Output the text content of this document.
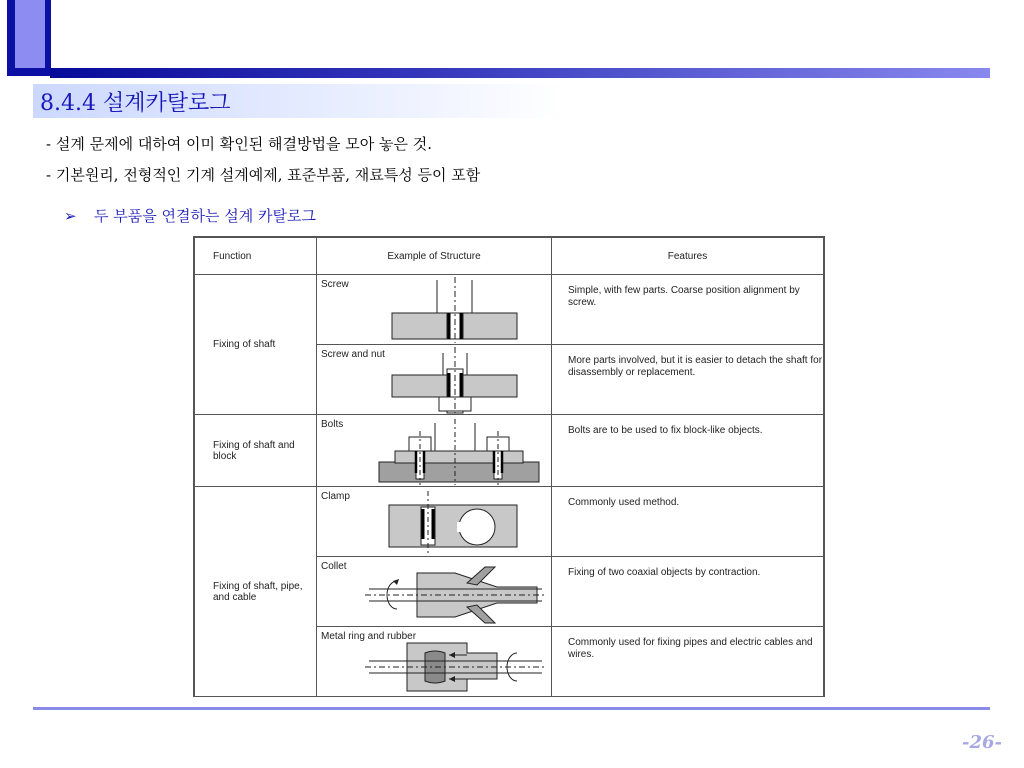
8.4.4 설계카탈로그
- 설계 문제에 대하여 이미 확인된 해결방법을 모아 놓은 것.
- 기본원리, 전형적인 기계 설계예제, 표준부품, 재료특성 등이 포함
➢ 두 부품을 연결하는 설계 카탈로그
Function	Example of Structure	Features
Fixing of shaft	Screw	Simple, with few parts. Coarse position alignment by screw.

	Screw and nut	More parts involved, but it is easier to detach the shaft for disassembly or replacement.
Fixing of shaft and block	Bolts	Bolts are to be used to fix block-like objects.
Fixing of shaft, pipe, and cable	Clamp	Commonly used method.

	Collet	Fixing of two coaxial objects by contraction.

	Metal ring and rubber	Commonly used for fixing pipes and electric cables and wires.
-26-
